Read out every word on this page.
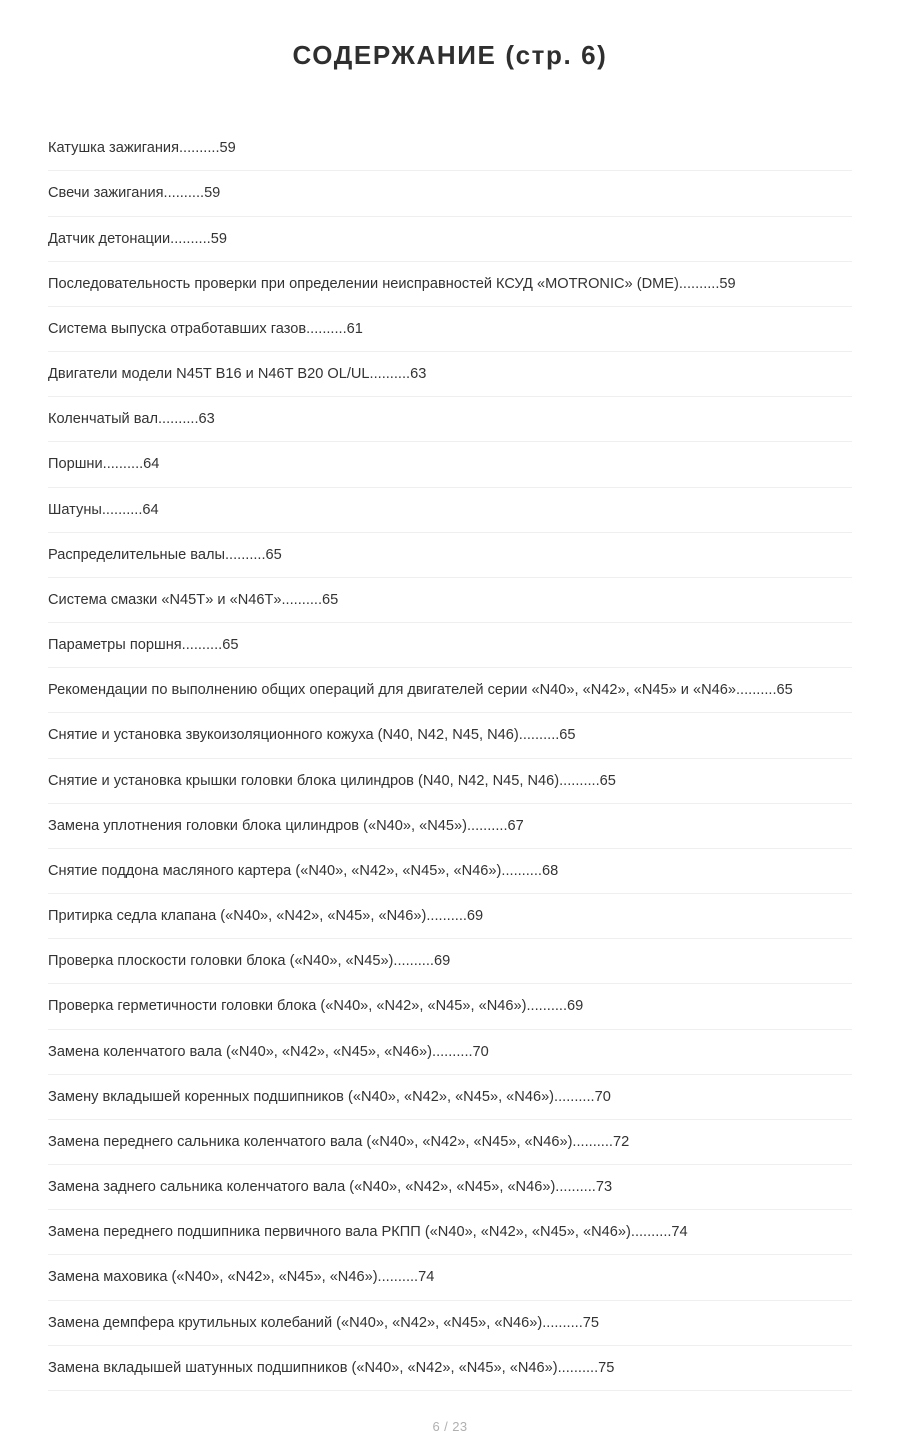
СОДЕРЖАНИЕ (стр. 6)
Катушка зажигания..........59
Свечи зажигания..........59
Датчик детонации..........59
Последовательность проверки при определении неисправностей КСУД «MOTRONIC» (DME)..........59
Система выпуска отработавших газов..........61
Двигатели модели N45T B16 и N46T B20 OL/UL..........63
Коленчатый вал..........63
Поршни..........64
Шатуны..........64
Распределительные валы..........65
Система смазки «N45T» и «N46T»..........65
Параметры поршня..........65
Рекомендации по выполнению общих операций для двигателей серии «N40», «N42», «N45» и «N46»..........65
Снятие и установка звукоизоляционного кожуха (N40, N42, N45, N46)..........65
Снятие и установка крышки головки блока цилиндров (N40, N42, N45, N46)..........65
Замена уплотнения головки блока цилиндров («N40», «N45»)..........67
Снятие поддона масляного картера («N40», «N42», «N45», «N46»)..........68
Притирка седла клапана («N40», «N42», «N45», «N46»)..........69
Проверка плоскости головки блока («N40», «N45»)..........69
Проверка герметичности головки блока («N40», «N42», «N45», «N46»)..........69
Замена коленчатого вала («N40», «N42», «N45», «N46»)..........70
Замену вкладышей коренных подшипников («N40», «N42», «N45», «N46»)..........70
Замена переднего сальника коленчатого вала («N40», «N42», «N45», «N46»)..........72
Замена заднего сальника коленчатого вала («N40», «N42», «N45», «N46»)..........73
Замена переднего подшипника первичного вала РКПП («N40», «N42», «N45», «N46»)..........74
Замена маховика («N40», «N42», «N45», «N46»)..........74
Замена демпфера крутильных колебаний («N40», «N42», «N45», «N46»)..........75
Замена вкладышей шатунных подшипников («N40», «N42», «N45», «N46»)..........75
6 / 23
